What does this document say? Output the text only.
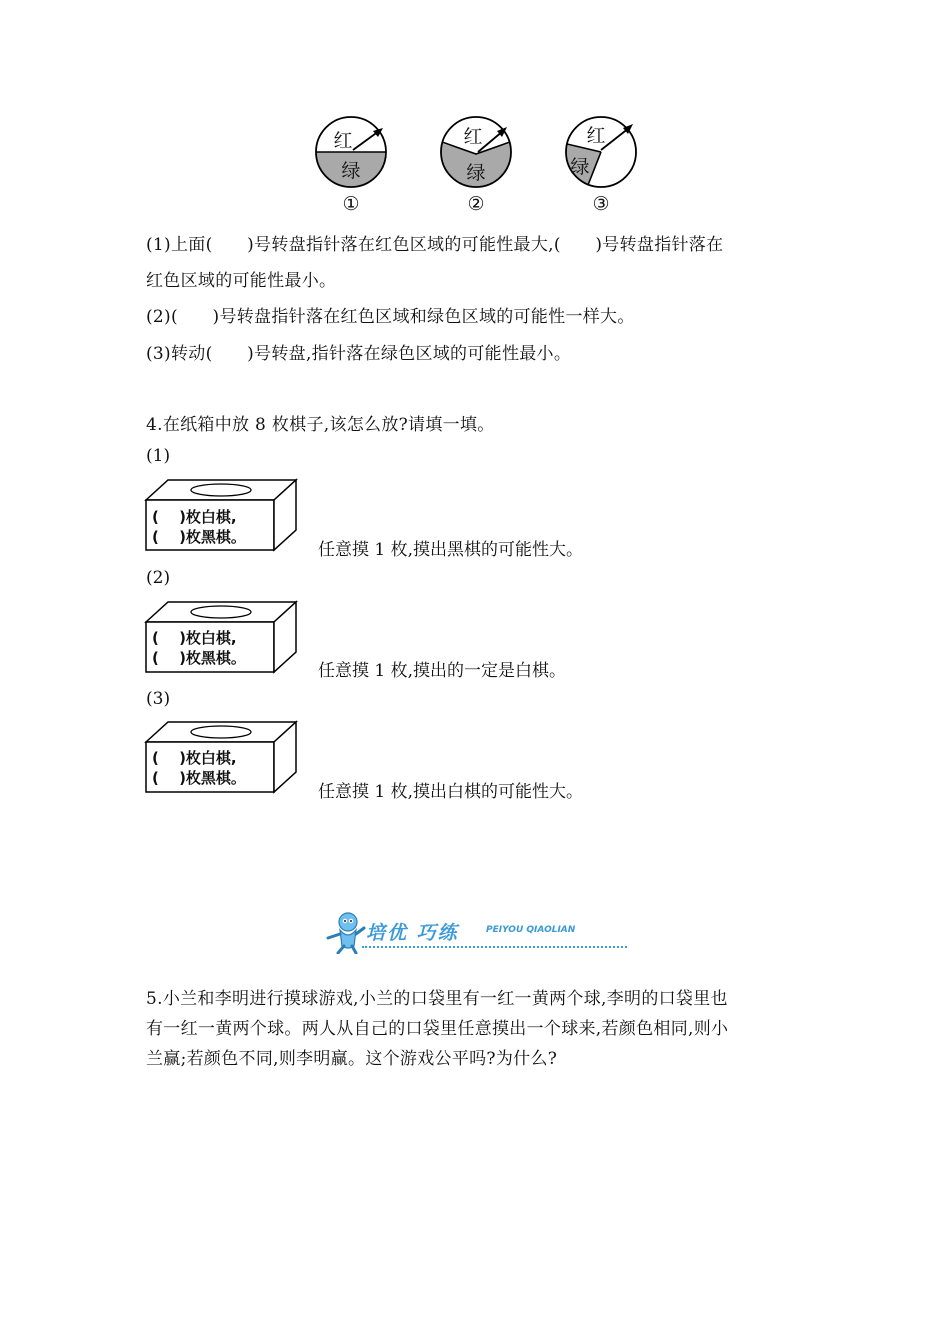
红
绿
①
红
绿
②
红
绿
③
(1)上面(　　)号转盘指针落在红色区域的可能性最大,(　　)号转盘指针落在
红色区域的可能性最小。
(2)(　　)号转盘指针落在红色区域和绿色区域的可能性一样大。
(3)转动(　　)号转盘,指针落在绿色区域的可能性最小。
4.在纸箱中放 8 枚棋子,该怎么放?请填一填。
(1)
(　 )枚白棋,
(　 )枚黑棋。
任意摸 1 枚,摸出黑棋的可能性大。
(2)
(　 )枚白棋,
(　 )枚黑棋。
任意摸 1 枚,摸出的一定是白棋。
(3)
(　 )枚白棋,
(　 )枚黑棋。
任意摸 1 枚,摸出白棋的可能性大。
培优 巧练	PEIYOU QIAOLIAN
5.小兰和李明进行摸球游戏,小兰的口袋里有一红一黄两个球,李明的口袋里也
有一红一黄两个球。两人从自己的口袋里任意摸出一个球来,若颜色相同,则小
兰赢;若颜色不同,则李明赢。这个游戏公平吗?为什么?
